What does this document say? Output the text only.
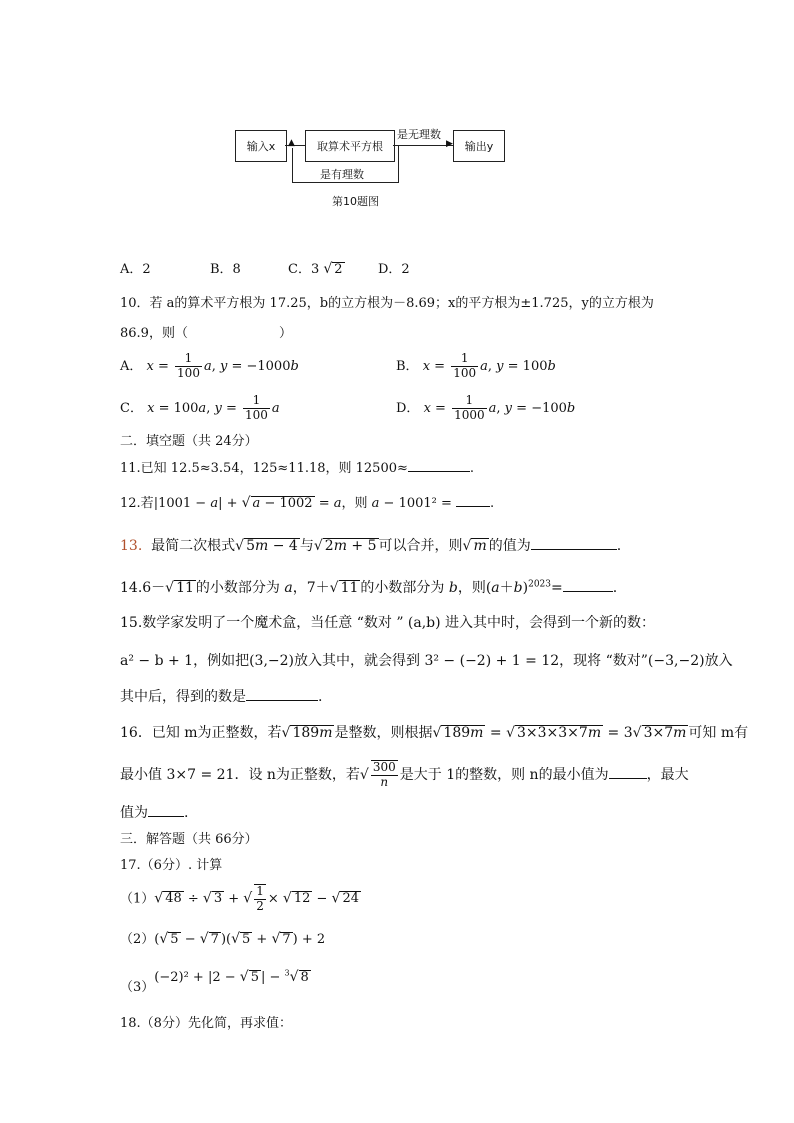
输入x	取算术平方根	输出y
▲	▶
是无理数
是有理数
第10题图
A．2	B．8	C．3 √ 2	D．2
10．若 a的算术平方根为 17.25，b的立方根为－8.69；x的平方根为±1.725，y的立方根为
86.9，则（　　　　　　　）
A． $x = \frac{1}{100} a$, y = −1000b	B． $x = \frac{1}{100} a$, y = 100b
C． x = 100a, $y = \frac{1}{100}$ a	D． $x = \frac{1}{1000} a$, y = −100b
二．填空题（共 24分）
11.已知 12.5≈3.54，125≈11.18，则 12500≈	.
12.若|1001 − a| + √ a − 1002 = a，则 a − 1001² =	.
13. 最简二次根式√ 5m − 4 与√ 2m + 5 可以合并，则√ m 的值为	.
14.6－√ 11 的小数部分为 a，7＋√ 11 的小数部分为 b，则$(a+b)^{2023}=$	.
15.数学家发明了一个魔术盒，当任意 “数对 ” (a,b) 进入其中时，会得到一个新的数：
a² − b + 1，例如把(3,−2)放入其中，就会得到 3² − (−2) + 1 = 12，现将 “数对”(−3,−2)放入
其中后，得到的数是	.
16．已知 m为正整数，若√ 189m 是整数，则根据√ 189m = √ 3×3×3×7m = 3√ 3×7m 可知 m有
最小值 3×7 = 21．设 n为正整数，若√ $\frac{300}{n}$ 是大于 1的整数，则 n的最小值为	，最大
值为	.
三．解答题（共 66分）
17.（6分）. 计算
（1）√ 48 ÷ √ 3 + √ $\frac{1}{2}$ × √ 12 − √ 24
（2）(√ 5 − √ 7 )(√ 5 + √ 7 ) + 2
（3）(−2)² + |2 − √ 5 | − $^3$√ 8
18.（8分）先化简，再求值：
